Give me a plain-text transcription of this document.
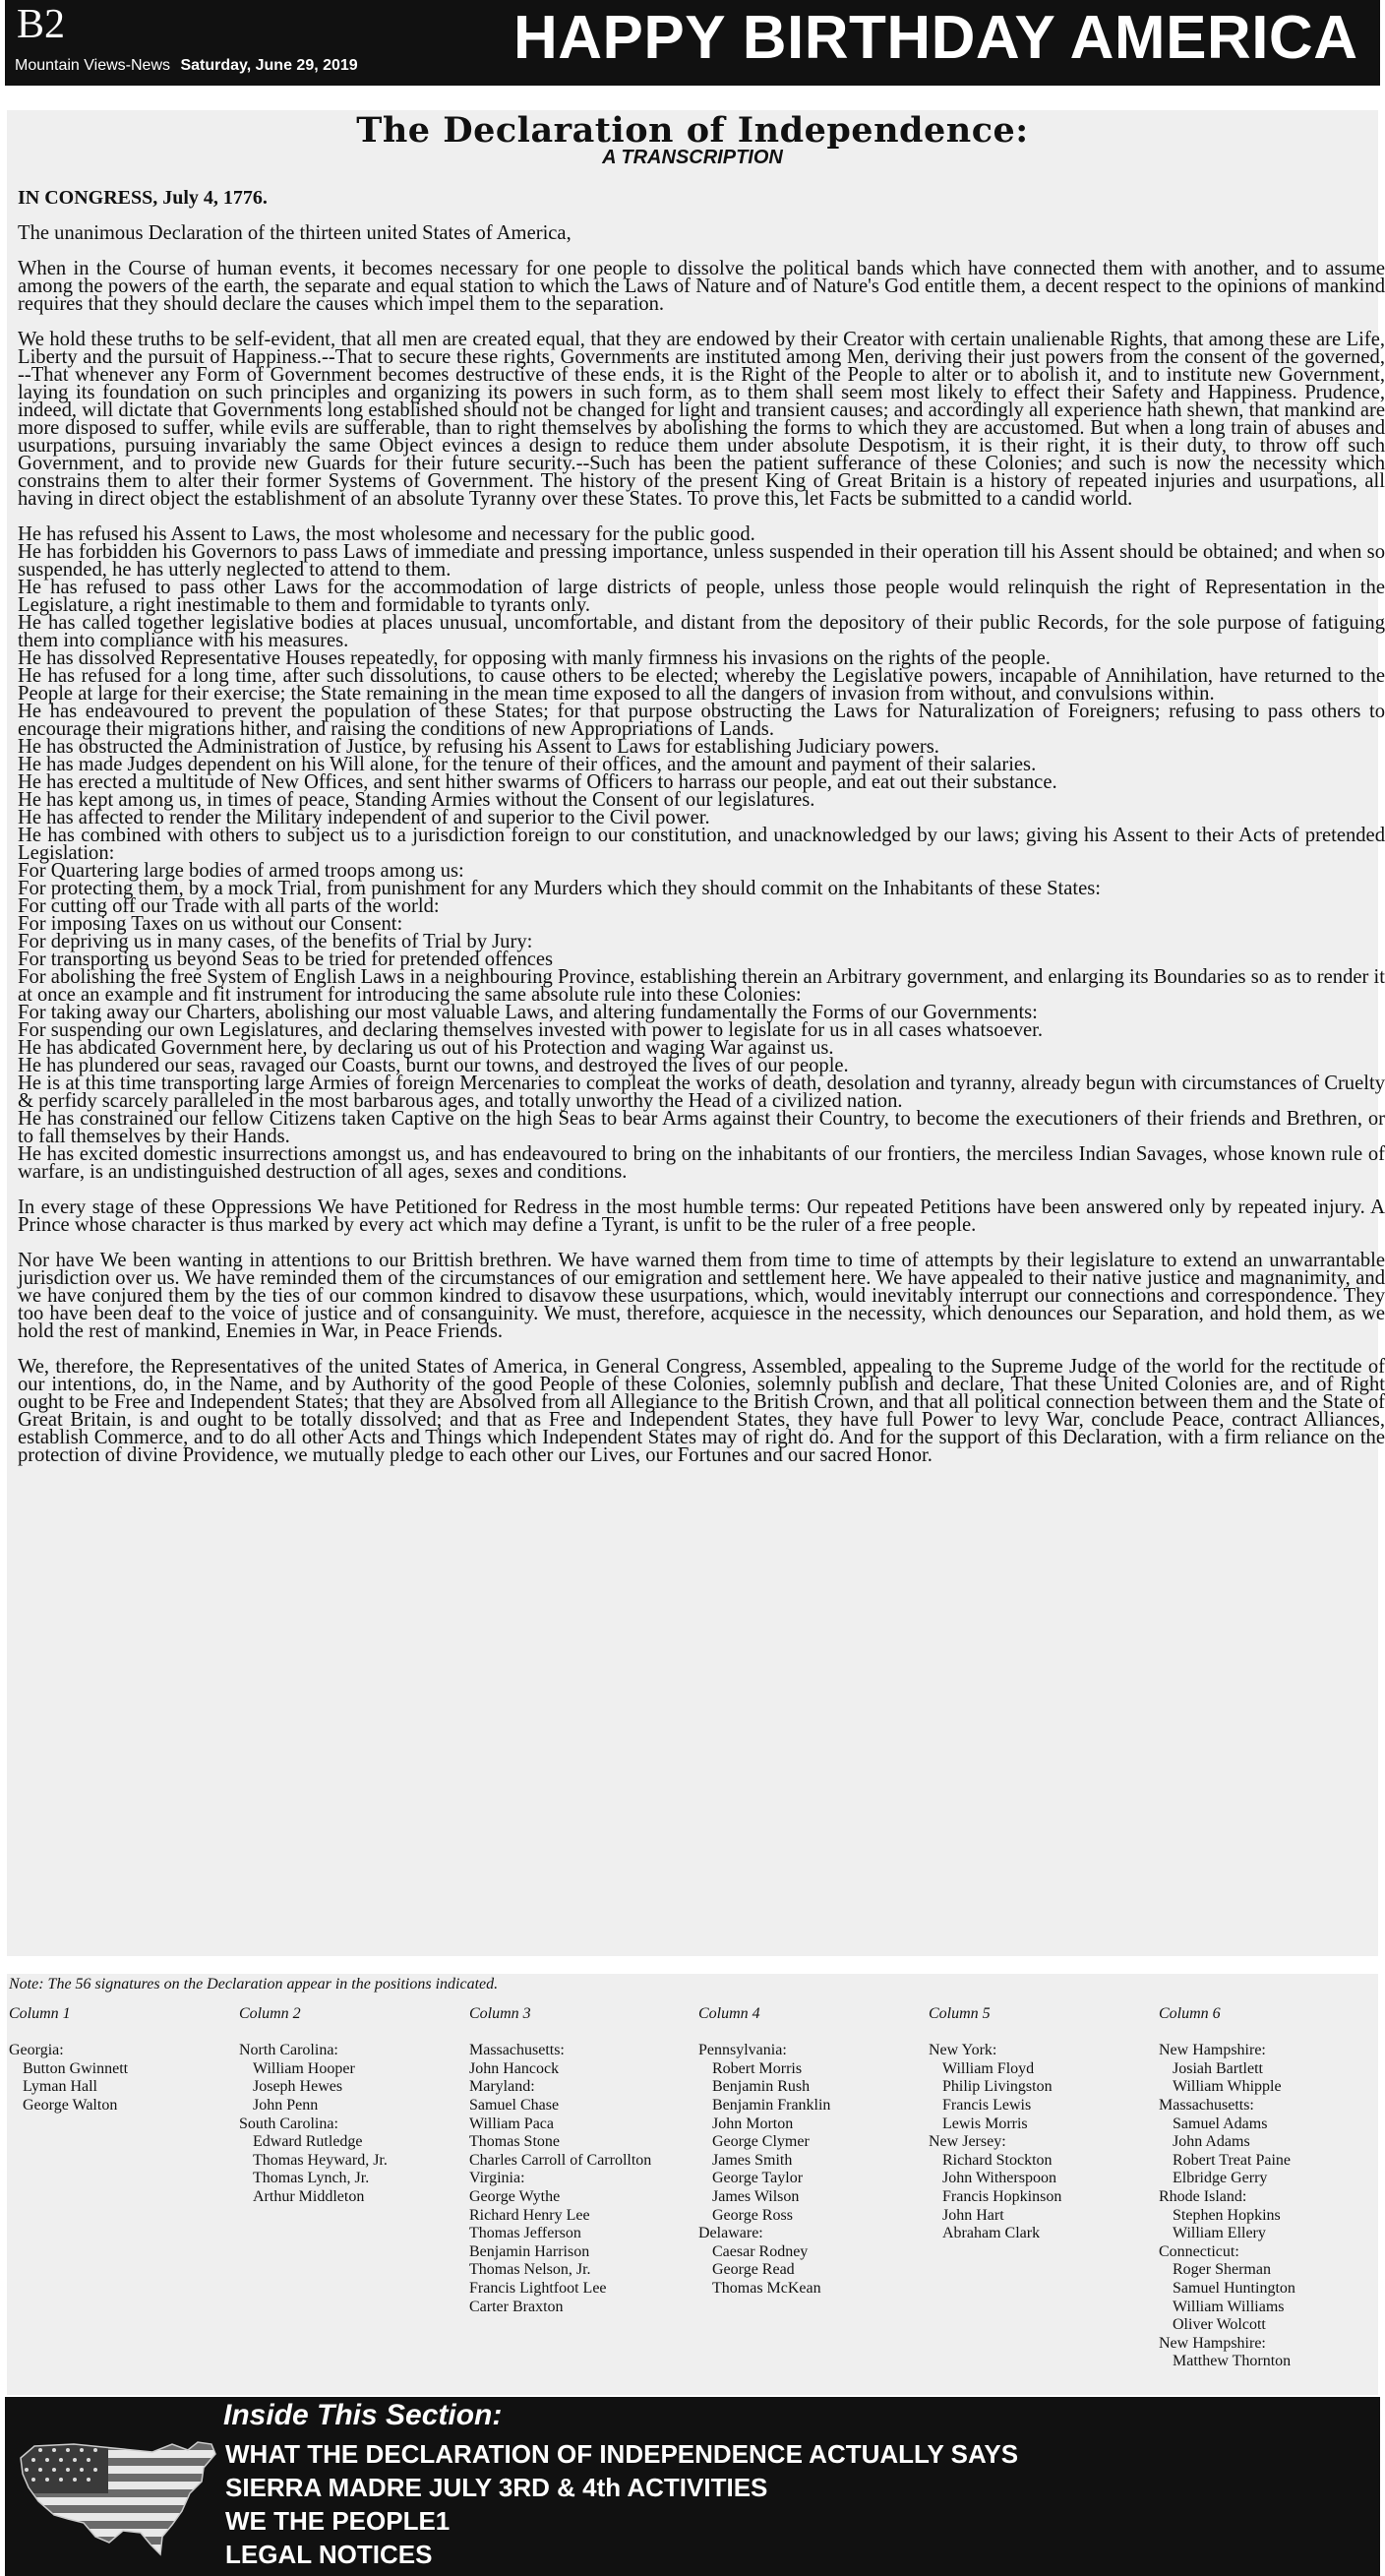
B2
Mountain Views-News Saturday, June 29, 2019	HAPPY BIRTHDAY AMERICA
The Declaration of Independence:
A TRANSCRIPTION

IN CONGRESS, July 4, 1776.

The unanimous Declaration of the thirteen united States of America,

When in the Course of human events, it becomes necessary for one people to dissolve the political bands which have connected them with another, and to assume among the powers of the earth, the separate and equal station to which the Laws of Nature and of Nature's God entitle them, a decent respect to the opinions of mankind requires that they should declare the causes which impel them to the separation.

We hold these truths to be self-evident, that all men are created equal, that they are endowed by their Creator with certain unalienable Rights, that among these are Life, Liberty and the pursuit of Happiness.--That to secure these rights, Governments are instituted among Men, deriving their just powers from the consent of the governed, --That whenever any Form of Government becomes destructive of these ends, it is the Right of the People to alter or to abolish it, and to institute new Government, laying its foundation on such principles and organizing its powers in such form, as to them shall seem most likely to effect their Safety and Happiness. Prudence, indeed, will dictate that Governments long established should not be changed for light and transient causes; and accordingly all experience hath shewn, that mankind are more disposed to suffer, while evils are sufferable, than to right themselves by abolishing the forms to which they are accustomed. But when a long train of abuses and usurpations, pursuing invariably the same Object evinces a design to reduce them under absolute Despotism, it is their right, it is their duty, to throw off such Government, and to provide new Guards for their future security.--Such has been the patient sufferance of these Colonies; and such is now the necessity which constrains them to alter their former Systems of Government. The history of the present King of Great Britain is a history of repeated injuries and usurpations, all having in direct object the establishment of an absolute Tyranny over these States. To prove this, let Facts be submitted to a candid world.

He has refused his Assent to Laws, the most wholesome and necessary for the public good.

He has forbidden his Governors to pass Laws of immediate and pressing importance, unless suspended in their operation till his Assent should be obtained; and when so suspended, he has utterly neglected to attend to them.

He has refused to pass other Laws for the accommodation of large districts of people, unless those people would relinquish the right of Representation in the Legislature, a right inestimable to them and formidable to tyrants only.

He has called together legislative bodies at places unusual, uncomfortable, and distant from the depository of their public Records, for the sole purpose of fatiguing them into compliance with his measures.

He has dissolved Representative Houses repeatedly, for opposing with manly firmness his invasions on the rights of the people.

He has refused for a long time, after such dissolutions, to cause others to be elected; whereby the Legislative powers, incapable of Annihilation, have returned to the People at large for their exercise; the State remaining in the mean time exposed to all the dangers of invasion from without, and convulsions within.

He has endeavoured to prevent the population of these States; for that purpose obstructing the Laws for Naturalization of Foreigners; refusing to pass others to encourage their migrations hither, and raising the conditions of new Appropriations of Lands.

He has obstructed the Administration of Justice, by refusing his Assent to Laws for establishing Judiciary powers.

He has made Judges dependent on his Will alone, for the tenure of their offices, and the amount and payment of their salaries.

He has erected a multitude of New Offices, and sent hither swarms of Officers to harrass our people, and eat out their substance.

He has kept among us, in times of peace, Standing Armies without the Consent of our legislatures.

He has affected to render the Military independent of and superior to the Civil power.

He has combined with others to subject us to a jurisdiction foreign to our constitution, and unacknowledged by our laws; giving his Assent to their Acts of pretended Legislation:

For Quartering large bodies of armed troops among us:

For protecting them, by a mock Trial, from punishment for any Murders which they should commit on the Inhabitants of these States:

For cutting off our Trade with all parts of the world:

For imposing Taxes on us without our Consent:

For depriving us in many cases, of the benefits of Trial by Jury:

For transporting us beyond Seas to be tried for pretended offences

For abolishing the free System of English Laws in a neighbouring Province, establishing therein an Arbitrary government, and enlarging its Boundaries so as to render it at once an example and fit instrument for introducing the same absolute rule into these Colonies:

For taking away our Charters, abolishing our most valuable Laws, and altering fundamentally the Forms of our Governments:

For suspending our own Legislatures, and declaring themselves invested with power to legislate for us in all cases whatsoever.

He has abdicated Government here, by declaring us out of his Protection and waging War against us.

He has plundered our seas, ravaged our Coasts, burnt our towns, and destroyed the lives of our people.

He is at this time transporting large Armies of foreign Mercenaries to compleat the works of death, desolation and tyranny, already begun with circumstances of Cruelty & perfidy scarcely paralleled in the most barbarous ages, and totally unworthy the Head of a civilized nation.

He has constrained our fellow Citizens taken Captive on the high Seas to bear Arms against their Country, to become the executioners of their friends and Brethren, or to fall themselves by their Hands.

He has excited domestic insurrections amongst us, and has endeavoured to bring on the inhabitants of our frontiers, the merciless Indian Savages, whose known rule of warfare, is an undistinguished destruction of all ages, sexes and conditions.

In every stage of these Oppressions We have Petitioned for Redress in the most humble terms: Our repeated Petitions have been answered only by repeated injury. A Prince whose character is thus marked by every act which may define a Tyrant, is unfit to be the ruler of a free people.

Nor have We been wanting in attentions to our Brittish brethren. We have warned them from time to time of attempts by their legislature to extend an unwarrantable jurisdiction over us. We have reminded them of the circumstances of our emigration and settlement here. We have appealed to their native justice and magnanimity, and we have conjured them by the ties of our common kindred to disavow these usurpations, which, would inevitably interrupt our connections and correspondence. They too have been deaf to the voice of justice and of consanguinity. We must, therefore, acquiesce in the necessity, which denounces our Separation, and hold them, as we hold the rest of mankind, Enemies in War, in Peace Friends.

We, therefore, the Representatives of the united States of America, in General Congress, Assembled, appealing to the Supreme Judge of the world for the rectitude of our intentions, do, in the Name, and by Authority of the good People of these Colonies, solemnly publish and declare, That these United Colonies are, and of Right ought to be Free and Independent States; that they are Absolved from all Allegiance to the British Crown, and that all political connection between them and the State of Great Britain, is and ought to be totally dissolved; and that as Free and Independent States, they have full Power to levy War, conclude Peace, contract Alliances, establish Commerce, and to do all other Acts and Things which Independent States may of right do. And for the support of this Declaration, with a firm reliance on the protection of divine Providence, we mutually pledge to each other our Lives, our Fortunes and our sacred Honor.

Note: The 56 signatures on the Declaration appear in the positions indicated.
Column 1
Georgia:
Button Gwinnett
Lyman Hall
George Walton
Column 2
North Carolina:
William Hooper
Joseph Hewes
John Penn
South Carolina:
Edward Rutledge
Thomas Heyward, Jr.
Thomas Lynch, Jr.
Arthur Middleton
Column 3
Massachusetts:
John Hancock
Maryland:
Samuel Chase
William Paca
Thomas Stone
Charles Carroll of Carrollton
Virginia:
George Wythe
Richard Henry Lee
Thomas Jefferson
Benjamin Harrison
Thomas Nelson, Jr.
Francis Lightfoot Lee
Carter Braxton
Column 4
Pennsylvania:
Robert Morris
Benjamin Rush
Benjamin Franklin
John Morton
George Clymer
James Smith
George Taylor
James Wilson
George Ross
Delaware:
Caesar Rodney
George Read
Thomas McKean
Column 5
New York:
William Floyd
Philip Livingston
Francis Lewis
Lewis Morris
New Jersey:
Richard Stockton
John Witherspoon
Francis Hopkinson
John Hart
Abraham Clark
Column 6
New Hampshire:
Josiah Bartlett
William Whipple
Massachusetts:
Samuel Adams
John Adams
Robert Treat Paine
Elbridge Gerry
Rhode Island:
Stephen Hopkins
William Ellery
Connecticut:
Roger Sherman
Samuel Huntington
William Williams
Oliver Wolcott
New Hampshire:
Matthew Thornton
Inside This Section:
WHAT THE DECLARATION OF INDEPENDENCE ACTUALLY SAYS
SIERRA MADRE JULY 3RD & 4th ACTIVITIES
WE THE PEOPLE1
LEGAL NOTICES
